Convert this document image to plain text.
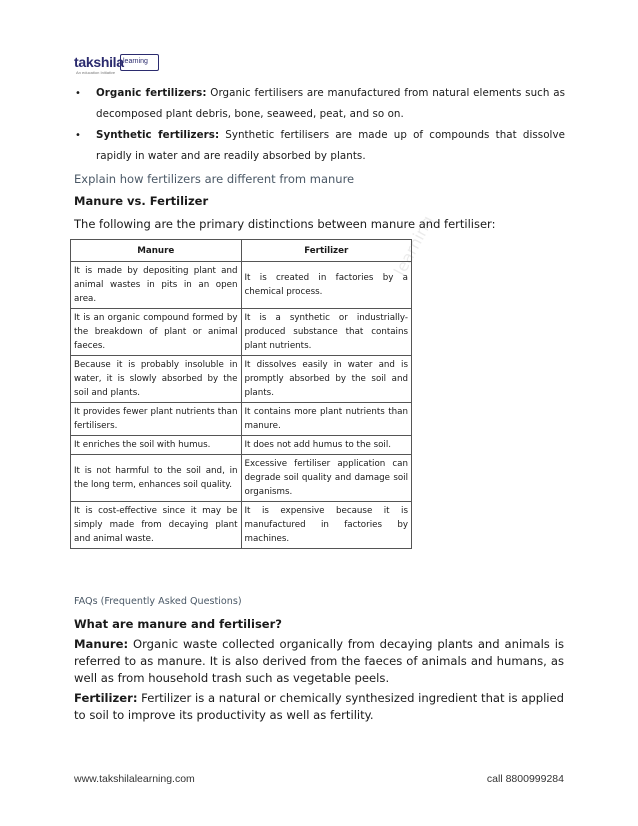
takshila learning
An education Initiative
learning
• Organic fertilizers: Organic fertilisers are manufactured from natural elements such as decomposed plant debris, bone, seaweed, peat, and so on.
• Synthetic fertilizers: Synthetic fertilisers are made up of compounds that dissolve rapidly in water and are readily absorbed by plants.
Explain how fertilizers are different from manure
Manure vs. Fertilizer
The following are the primary distinctions between manure and fertiliser:
Manure	Fertilizer
It is made by depositing plant and animal wastes in pits in an open area.	It is created in factories by a chemical process.
It is an organic compound formed by the breakdown of plant or animal faeces.	It is a synthetic or industrially-produced substance that contains plant nutrients.
Because it is probably insoluble in water, it is slowly absorbed by the soil and plants.	It dissolves easily in water and is promptly absorbed by the soil and plants.
It provides fewer plant nutrients than fertilisers.	It contains more plant nutrients than manure.
It enriches the soil with humus.	It does not add humus to the soil.
It is not harmful to the soil and, in the long term, enhances soil quality.	Excessive fertiliser application can degrade soil quality and damage soil organisms.
It is cost-effective since it may be simply made from decaying plant and animal waste.	It is expensive because it is manufactured in factories by machines.
FAQs (Frequently Asked Questions)
What are manure and fertiliser?

Manure: Organic waste collected organically from decaying plants and animals is referred to as manure. It is also derived from the faeces of animals and humans, as well as from household trash such as vegetable peels.

Fertilizer: Fertilizer is a natural or chemically synthesized ingredient that is applied to soil to improve its productivity as well as fertility.

www.takshilalearning.com	call 8800999284
